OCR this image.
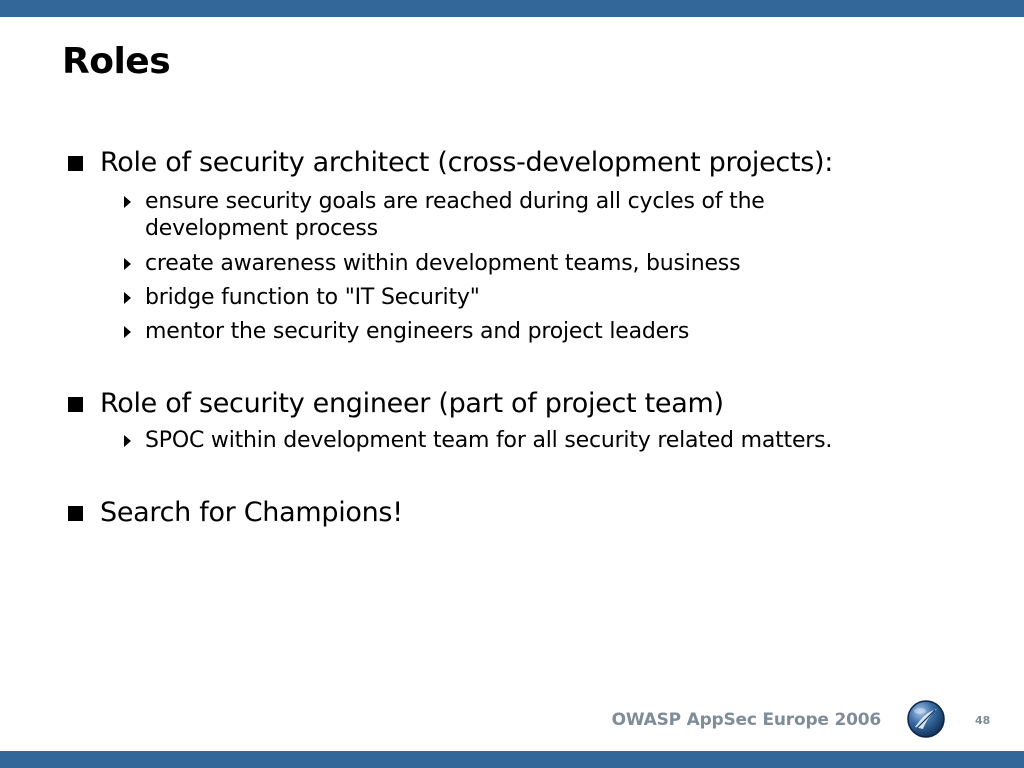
Roles
Role of security architect (cross-development projects):
ensure security goals are reached during all cycles of the development process
create awareness within development teams, business
bridge function to "IT Security"
mentor the security engineers and project leaders
Role of security engineer (part of project team)
SPOC within development team for all security related matters.
Search for Champions!
OWASP AppSec Europe 2006	48
